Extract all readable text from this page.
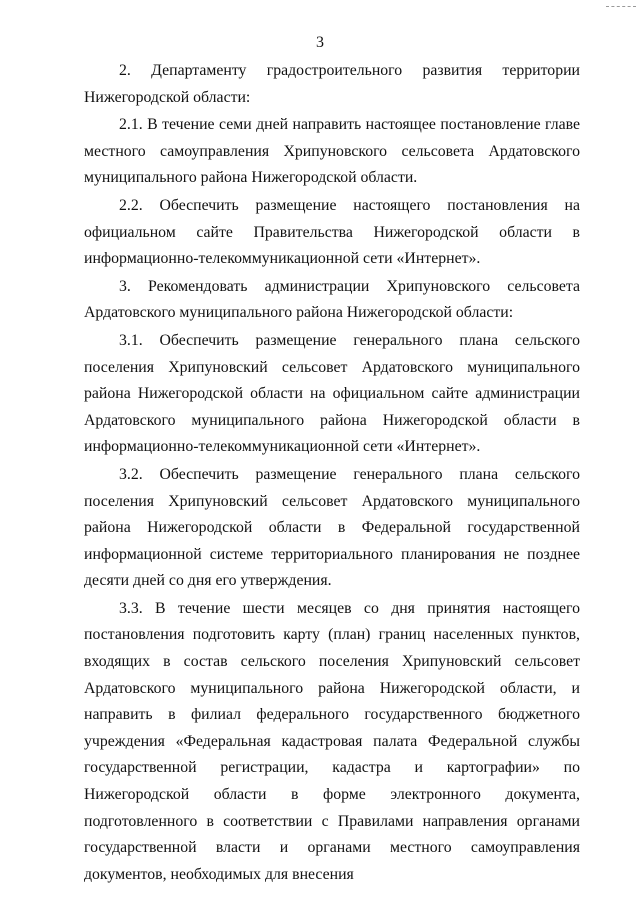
3

2. Департаменту градостроительного развития территории Нижегородской области:

2.1. В течение семи дней направить настоящее постановление главе местного самоуправления Хрипуновского сельсовета Ардатовского муниципального района Нижегородской области.

2.2. Обеспечить размещение настоящего постановления на официальном сайте Правительства Нижегородской области в информационно-телекоммуникационной сети «Интернет».

3. Рекомендовать администрации Хрипуновского сельсовета Ардатовского муниципального района Нижегородской области:

3.1. Обеспечить размещение генерального плана сельского поселения Хрипуновский сельсовет Ардатовского муниципального района Нижегородской области на официальном сайте администрации Ардатовского муниципального района Нижегородской области в информационно-телекоммуникационной сети «Интернет».

3.2. Обеспечить размещение генерального плана сельского поселения Хрипуновский сельсовет Ардатовского муниципального района Нижегородской области в Федеральной государственной информационной системе территориального планирования не позднее десяти дней со дня его утверждения.

3.3. В течение шести месяцев со дня принятия настоящего постановления подготовить карту (план) границ населенных пунктов, входящих в состав сельского поселения Хрипуновский сельсовет Ардатовского муниципального района Нижегородской области, и направить в филиал федерального государственного бюджетного учреждения «Федеральная кадастровая палата Федеральной службы государственной регистрации, кадастра и картографии» по Нижегородской области в форме электронного документа, подготовленного в соответствии с Правилами направления органами государственной власти и органами местного самоуправления документов, необходимых для внесения
